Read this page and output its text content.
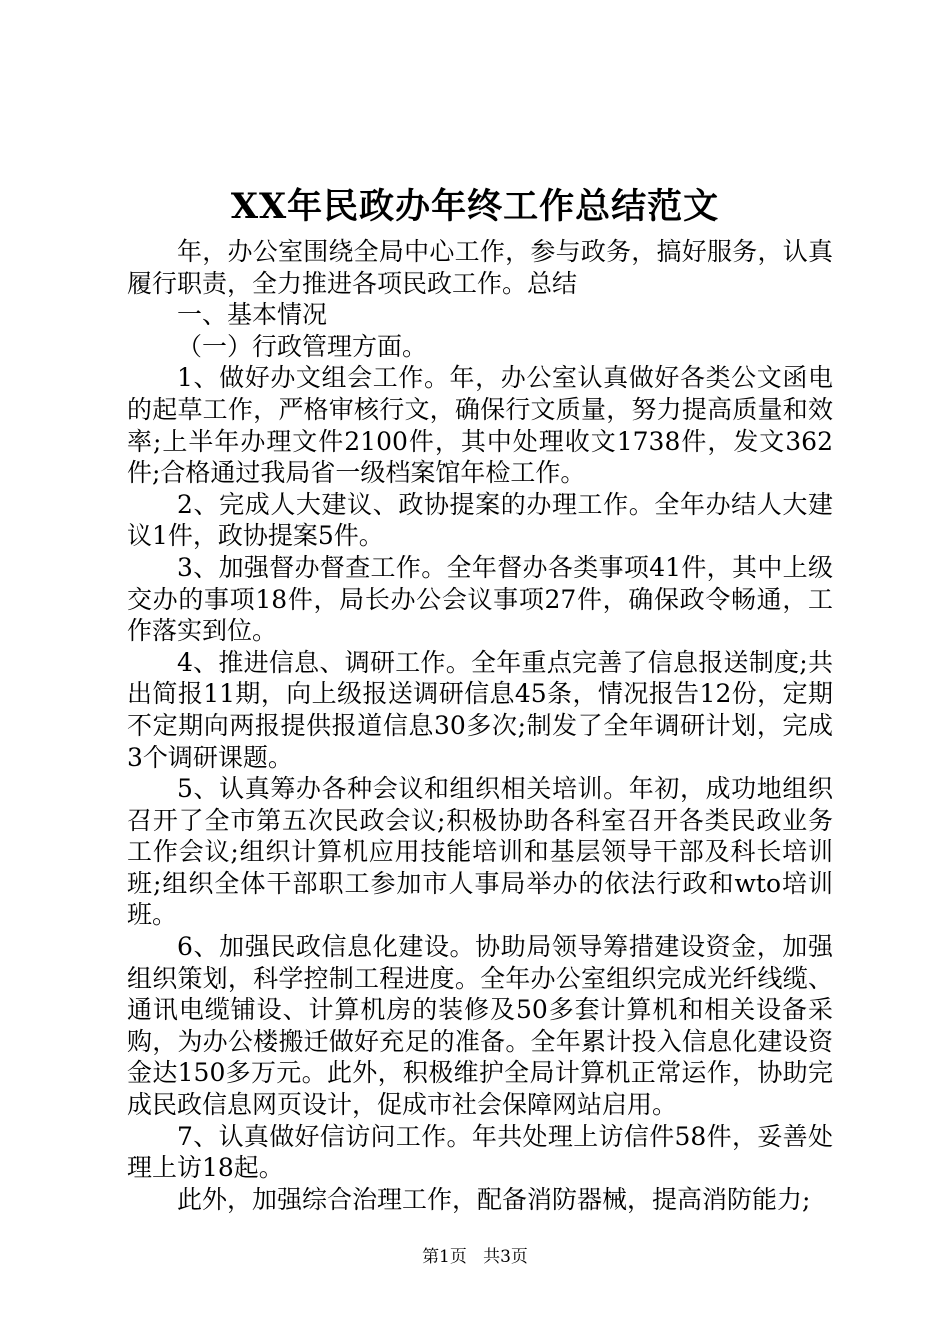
XX年民政办年终工作总结范文

年，办公室围绕全局中心工作，参与政务，搞好服务，认真履行职责，全力推进各项民政工作。总结

一、基本情况

（一）行政管理方面。

1、做好办文组会工作。年，办公室认真做好各类公文函电的起草工作，严格审核行文，确保行文质量，努力提高质量和效率;上半年办理文件2100件，其中处理收文1738件，发文362件;合格通过我局省一级档案馆年检工作。

2、完成人大建议、政协提案的办理工作。全年办结人大建议1件，政协提案5件。

3、加强督办督查工作。全年督办各类事项41件，其中上级交办的事项18件，局长办公会议事项27件，确保政令畅通，工作落实到位。

4、推进信息、调研工作。全年重点完善了信息报送制度;共出简报11期，向上级报送调研信息45条，情况报告12份，定期不定期向两报提供报道信息30多次;制发了全年调研计划，完成3个调研课题。

5、认真筹办各种会议和组织相关培训。年初，成功地组织召开了全市第五次民政会议;积极协助各科室召开各类民政业务工作会议;组织计算机应用技能培训和基层领导干部及科长培训班;组织全体干部职工参加市人事局举办的依法行政和wto培训班。

6、加强民政信息化建设。协助局领导筹措建设资金，加强组织策划，科学控制工程进度。全年办公室组织完成光纤线缆、通讯电缆铺设、计算机房的装修及50多套计算机和相关设备采购，为办公楼搬迁做好充足的准备。全年累计投入信息化建设资金达150多万元。此外，积极维护全局计算机正常运作，协助完成民政信息网页设计，促成市社会保障网站启用。

7、认真做好信访问工作。年共处理上访信件58件，妥善处理上访18起。

此外，加强综合治理工作，配备消防器械，提高消防能力;

第1页 共3页
